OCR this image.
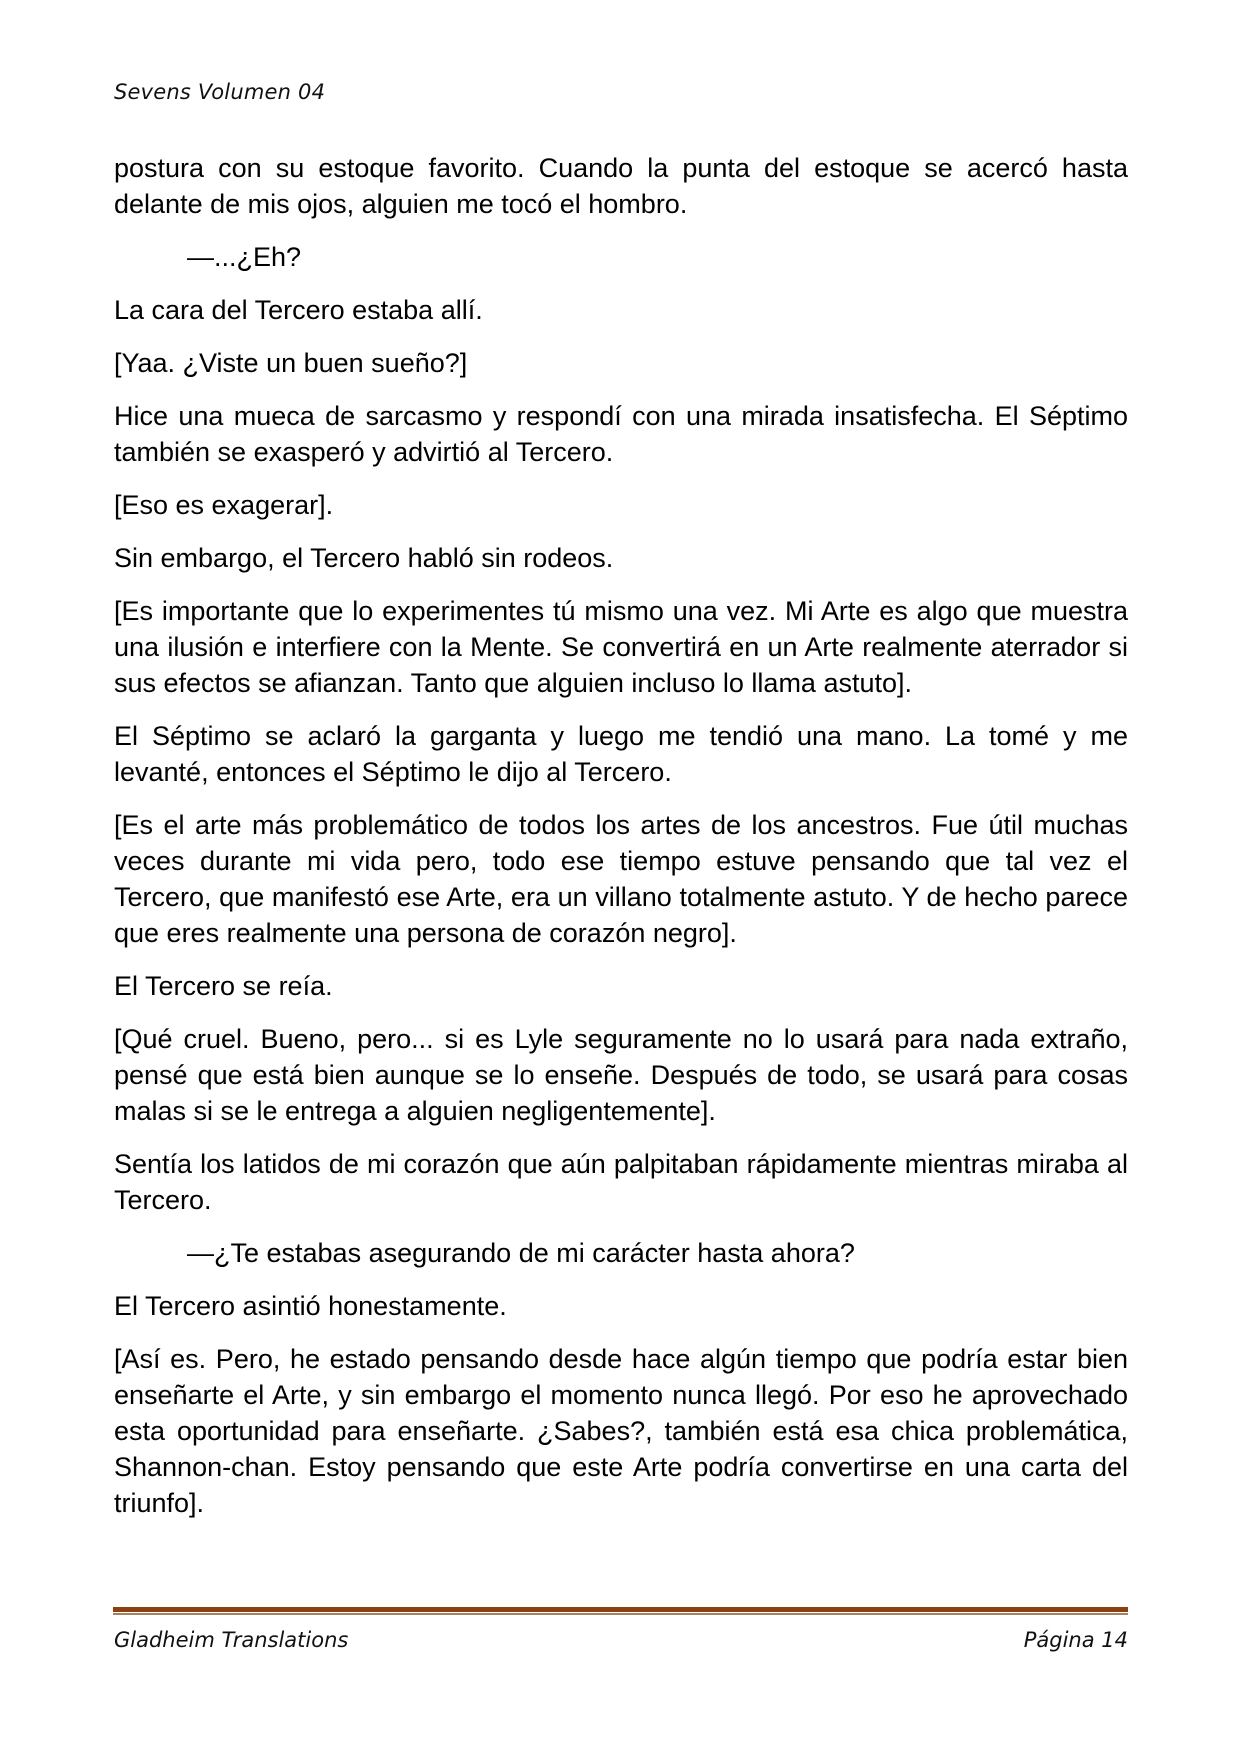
Sevens Volumen 04

postura con su estoque favorito. Cuando la punta del estoque se acercó hasta delante de mis ojos, alguien me tocó el hombro.

—...¿Eh?

La cara del Tercero estaba allí.

[Yaa. ¿Viste un buen sueño?]

Hice una mueca de sarcasmo y respondí con una mirada insatisfecha. El Séptimo también se exasperó y advirtió al Tercero.

[Eso es exagerar].

Sin embargo, el Tercero habló sin rodeos.

[Es importante que lo experimentes tú mismo una vez. Mi Arte es algo que muestra una ilusión e interfiere con la Mente. Se convertirá en un Arte realmente aterrador si sus efectos se afianzan. Tanto que alguien incluso lo llama astuto].

El Séptimo se aclaró la garganta y luego me tendió una mano. La tomé y me levanté, entonces el Séptimo le dijo al Tercero.

[Es el arte más problemático de todos los artes de los ancestros. Fue útil muchas veces durante mi vida pero, todo ese tiempo estuve pensando que tal vez el Tercero, que manifestó ese Arte, era un villano totalmente astuto. Y de hecho parece que eres realmente una persona de corazón negro].

El Tercero se reía.

[Qué cruel. Bueno, pero... si es Lyle seguramente no lo usará para nada extraño, pensé que está bien aunque se lo enseñe. Después de todo, se usará para cosas malas si se le entrega a alguien negligentemente].

Sentía los latidos de mi corazón que aún palpitaban rápidamente mientras miraba al Tercero.

—¿Te estabas asegurando de mi carácter hasta ahora?

El Tercero asintió honestamente.

[Así es. Pero, he estado pensando desde hace algún tiempo que podría estar bien enseñarte el Arte, y sin embargo el momento nunca llegó. Por eso he aprovechado esta oportunidad para enseñarte. ¿Sabes?, también está esa chica problemática, Shannon-chan. Estoy pensando que este Arte podría convertirse en una carta del triunfo].

Gladheim Translations	Página 14
